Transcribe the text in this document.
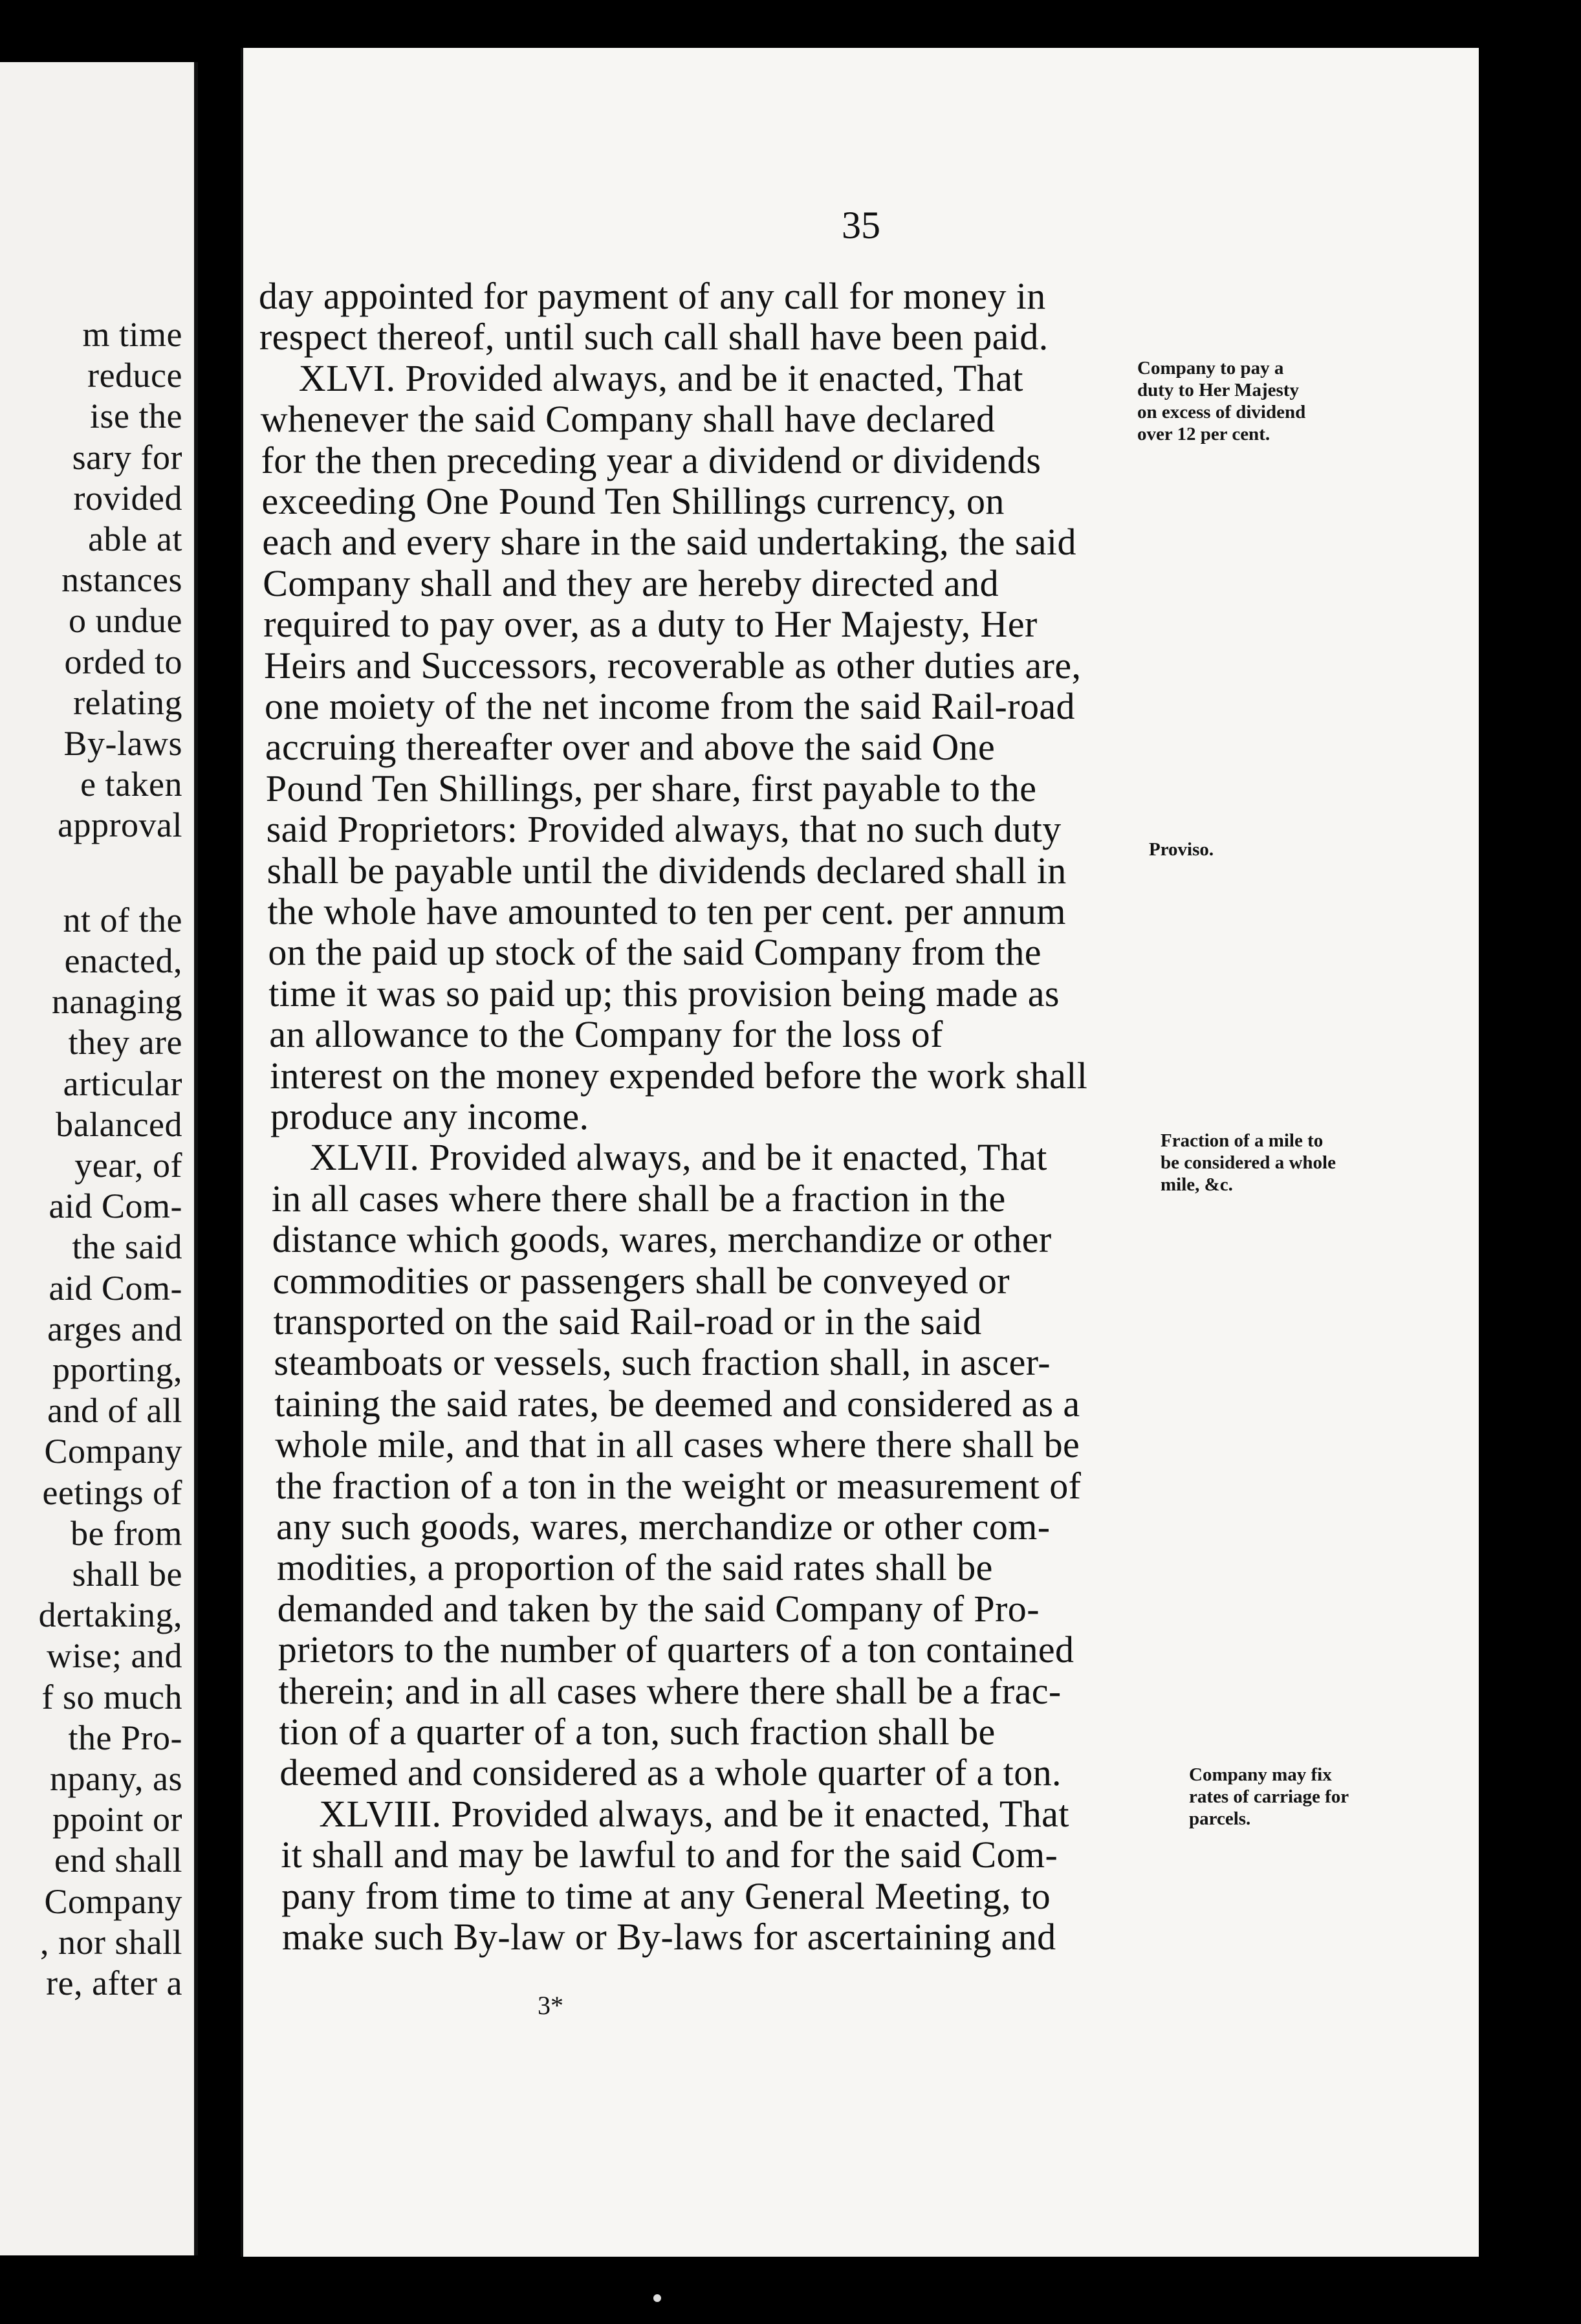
m time
reduce
ise the
sary for
rovided
able at
nstances
o undue
orded to
relating
By-laws
e taken
approval
nt of the
enacted,
nanaging
they are
articular
balanced
year, of
aid Com-
the said
aid Com-
arges and
pporting,
and of all
Company
eetings of
be from
shall be
dertaking,
wise; and
f so much
the Pro-
npany, as
ppoint or
end shall
Company
, nor shall
re, after a
35
Company to pay a
duty to Her Majesty
on excess of dividend
over 12 per cent.
Proviso.
Fraction of a mile to
be considered a whole
mile, &c.
Company may fix
rates of carriage for
parcels.
3*
day appointed for payment of any call for money in
respect thereof, until such call shall have been paid.
XLVI. Provided always, and be it enacted, That
whenever the said Company shall have declared
for the then preceding year a dividend or dividends
exceeding One Pound Ten Shillings currency, on
each and every share in the said undertaking, the said
Company shall and they are hereby directed and
required to pay over, as a duty to Her Majesty, Her
Heirs and Successors, recoverable as other duties are,
one moiety of the net income from the said Rail-road
accruing thereafter over and above the said One
Pound Ten Shillings, per share, first payable to the
said Proprietors: Provided always, that no such duty
shall be payable until the dividends declared shall in
the whole have amounted to ten per cent. per annum
on the paid up stock of the said Company from the
time it was so paid up; this provision being made as
an allowance to the Company for the loss of
interest on the money expended before the work shall
produce any income.
XLVII. Provided always, and be it enacted, That
in all cases where there shall be a fraction in the
distance which goods, wares, merchandize or other
commodities or passengers shall be conveyed or
transported on the said Rail-road or in the said
steamboats or vessels, such fraction shall, in ascer-
taining the said rates, be deemed and considered as a
whole mile, and that in all cases where there shall be
the fraction of a ton in the weight or measurement of
any such goods, wares, merchandize or other com-
modities, a proportion of the said rates shall be
demanded and taken by the said Company of Pro-
prietors to the number of quarters of a ton contained
therein; and in all cases where there shall be a frac-
tion of a quarter of a ton, such fraction shall be
deemed and considered as a whole quarter of a ton.
XLVIII. Provided always, and be it enacted, That
it shall and may be lawful to and for the said Com-
pany from time to time at any General Meeting, to
make such By-law or By-laws for ascertaining and
